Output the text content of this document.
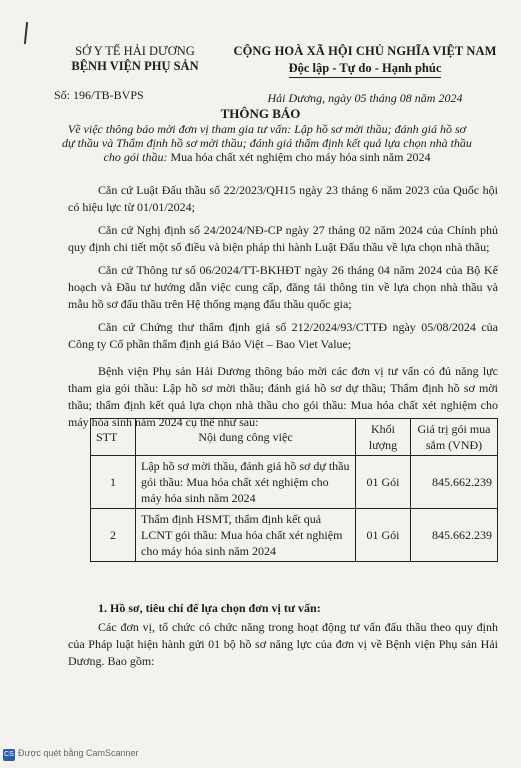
SỞ Y TẾ HẢI DƯƠNG
BỆNH VIỆN PHỤ SẢN
Số: 196/TB-BVPS
CỘNG HOÀ XÃ HỘI CHỦ NGHĨA VIỆT NAM
Độc lập - Tự do - Hạnh phúc
Hải Dương, ngày 05 tháng 08 năm 2024
THÔNG BÁO
Về việc thông báo mời đơn vị tham gia tư vấn: Lập hồ sơ mời thầu; đánh giá hồ sơ dự thầu và Thẩm định hồ sơ mời thầu; đánh giá thẩm định kết quả lựa chọn nhà thầu cho gói thầu: Mua hóa chất xét nghiệm cho máy hóa sinh năm 2024

Căn cứ Luật Đấu thầu số 22/2023/QH15 ngày 23 tháng 6 năm 2023 của Quốc hội có hiệu lực từ 01/01/2024;

Căn cứ Nghị định số 24/2024/NĐ-CP ngày 27 tháng 02 năm 2024 của Chính phủ quy định chi tiết một số điều và biện pháp thi hành Luật Đấu thầu về lựa chọn nhà thầu;

Căn cứ Thông tư số 06/2024/TT-BKHĐT ngày 26 tháng 04 năm 2024 của Bộ Kế hoạch và Đầu tư hướng dẫn việc cung cấp, đăng tải thông tin về lựa chọn nhà thầu và mẫu hồ sơ đấu thầu trên Hệ thống mạng đấu thầu quốc gia;

Căn cứ Chứng thư thẩm định giá số 212/2024/93/CTTĐ ngày 05/08/2024 của Công ty Cổ phần thẩm định giá Bảo Việt – Bao Viet Value;

Bệnh viện Phụ sản Hải Dương thông báo mời các đơn vị tư vấn có đủ năng lực tham gia gói thầu: Lập hồ sơ mời thầu; đánh giá hồ sơ dự thầu; Thẩm định hồ sơ mời thầu; thẩm định kết quả lựa chọn nhà thầu cho gói thầu: Mua hóa chất xét nghiệm cho máy hóa sinh năm 2024 cụ thể như sau:

STT	Nội dung công việc	Khối lượng	Giá trị gói mua sắm (VNĐ)
1	Lập hồ sơ mời thầu, đánh giá hồ sơ dự thầu gói thầu: Mua hóa chất xét nghiệm cho máy hóa sinh năm 2024	01 Gói	845.662.239
2	Thẩm định HSMT, thẩm định kết quả LCNT gói thầu: Mua hóa chất xét nghiệm cho máy hóa sinh năm 2024	01 Gói	845.662.239

1. Hồ sơ, tiêu chí để lựa chọn đơn vị tư vấn:

Các đơn vị, tổ chức có chức năng trong hoạt động tư vấn đấu thầu theo quy định của Pháp luật hiện hành gửi 01 bộ hồ sơ năng lực của đơn vị về Bệnh viện Phụ sản Hải Dương. Bao gồm:

CS Được quét bằng CamScanner
